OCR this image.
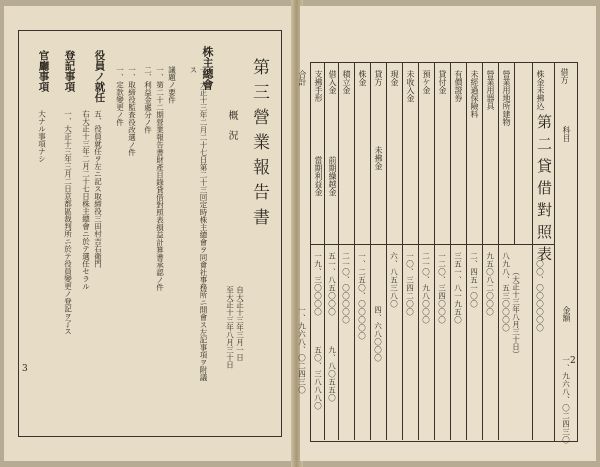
第三營業報告書
概況
自大正十三年三月一日
至大正十三年八月三十日
株主總會
一、大正十三年二月二十七日第二十三回定時株主總會ヲ同會社事務所ニ開會ス左記事項ヲ附議ス
議題ノ要件
一、第二十二期營業報告書財產目錄貸借對照表損益計算書承認ノ件
二、利益金處分ノ件
一、取締役監查役改選ノ件
一、定款變更ノ件
役員ノ就任
五、役員就任ヲ左ニ記ス取締役三田村吉右衛門
右大正十三年二月二十七日株主總會ニ於テ選任セラル
登記事項
一、大正十三年三月二日京都區裁判所ニ於テ役員變更ノ登記ヲ了ス
官廳事項
大ナル事項ナシ
3
第二貸借對照表
（大正十三年八月三十日）
借方
科目
金額
一、九六八、〇二四三〇
株金未拂込
二〇〇、〇〇〇〇〇〇
營業用地所建物
八九八、五三〇〇〇〇
營業用器具
九五〇八二〇〇〇
未經過保險料
二、四五一〇〇
有價證券
三五一、八一九五〇
貸付金
一二〇、三四〇〇〇
預ケ金
二一〇、九八〇〇〇
未收入金
一〇、三四二〇〇
現金
六、八五三八〇
貸方
株金
一、二五〇、〇〇〇〇〇
積立金
二一〇、〇〇〇〇〇
借入金
五一、八五〇〇〇
支拂手形
一九、三〇〇〇〇
未拂金
四、六八〇〇〇
前期繰越金
九、八〇五五〇
當期利益金
五〇、三八八八〇
合計
一、九六八、〇二四三〇	2
